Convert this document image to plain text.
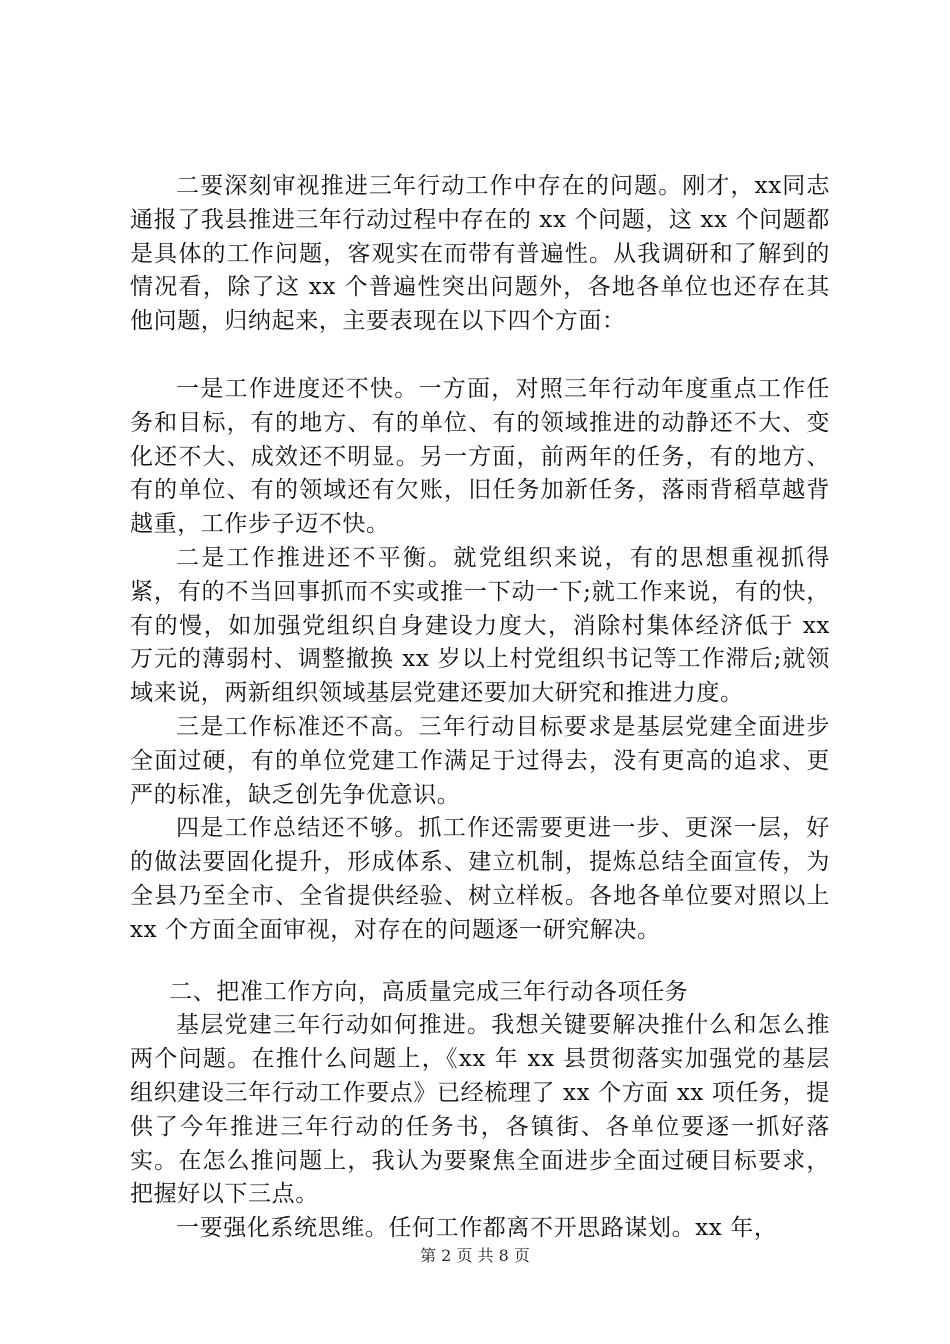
二要深刻审视推进三年行动工作中存在的问题。刚才，xx同志通报了我县推进三年行动过程中存在的 xx 个问题，这 xx 个问题都是具体的工作问题，客观实在而带有普遍性。从我调研和了解到的情况看，除了这 xx 个普遍性突出问题外，各地各单位也还存在其他问题，归纳起来，主要表现在以下四个方面：

一是工作进度还不快。一方面，对照三年行动年度重点工作任务和目标，有的地方、有的单位、有的领域推进的动静还不大、变化还不大、成效还不明显。另一方面，前两年的任务，有的地方、有的单位、有的领域还有欠账，旧任务加新任务，落雨背稻草越背越重，工作步子迈不快。

二是工作推进还不平衡。就党组织来说，有的思想重视抓得紧，有的不当回事抓而不实或推一下动一下;就工作来说，有的快，有的慢，如加强党组织自身建设力度大，消除村集体经济低于 xx 万元的薄弱村、调整撤换 xx 岁以上村党组织书记等工作滞后;就领域来说，两新组织领域基层党建还要加大研究和推进力度。

三是工作标准还不高。三年行动目标要求是基层党建全面进步全面过硬，有的单位党建工作满足于过得去，没有更高的追求、更严的标准，缺乏创先争优意识。

四是工作总结还不够。抓工作还需要更进一步、更深一层，好的做法要固化提升，形成体系、建立机制，提炼总结全面宣传，为全县乃至全市、全省提供经验、树立样板。各地各单位要对照以上 xx 个方面全面审视，对存在的问题逐一研究解决。

二、把准工作方向，高质量完成三年行动各项任务

基层党建三年行动如何推进。我想关键要解决推什么和怎么推两个问题。在推什么问题上，《xx 年 xx 县贯彻落实加强党的基层组织建设三年行动工作要点》已经梳理了 xx 个方面 xx 项任务，提供了今年推进三年行动的任务书，各镇街、各单位要逐一抓好落实。在怎么推问题上，我认为要聚焦全面进步全面过硬目标要求，把握好以下三点。

一要强化系统思维。任何工作都离不开思路谋划。xx 年，

第 2 页 共 8 页
